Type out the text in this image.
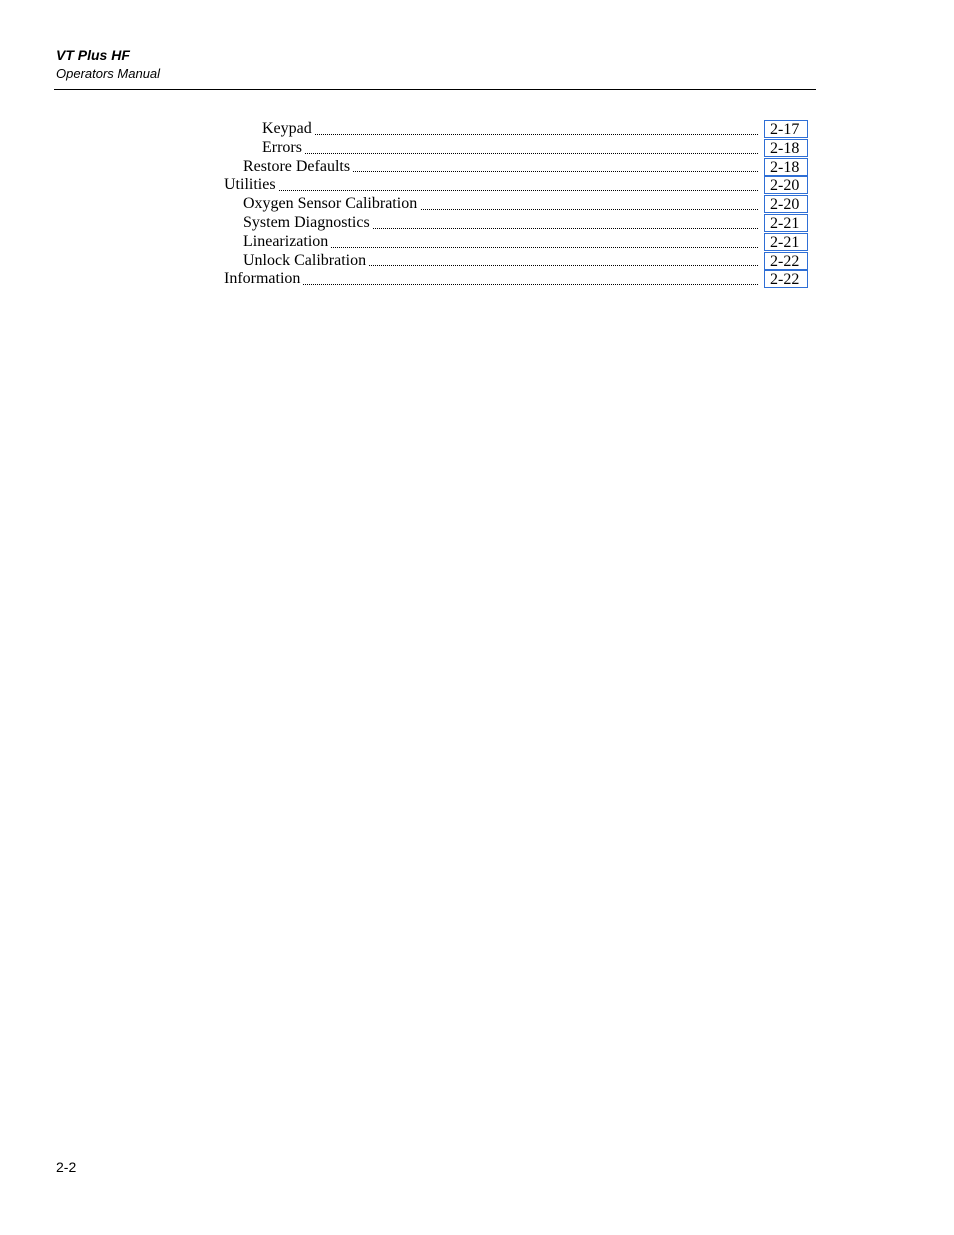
VT Plus HF
Operators Manual
Keypad	2-17
Errors	2-18
Restore Defaults	2-18
Utilities	2-20
Oxygen Sensor Calibration	2-20
System Diagnostics	2-21
Linearization	2-21
Unlock Calibration	2-22
Information	2-22
2-2
